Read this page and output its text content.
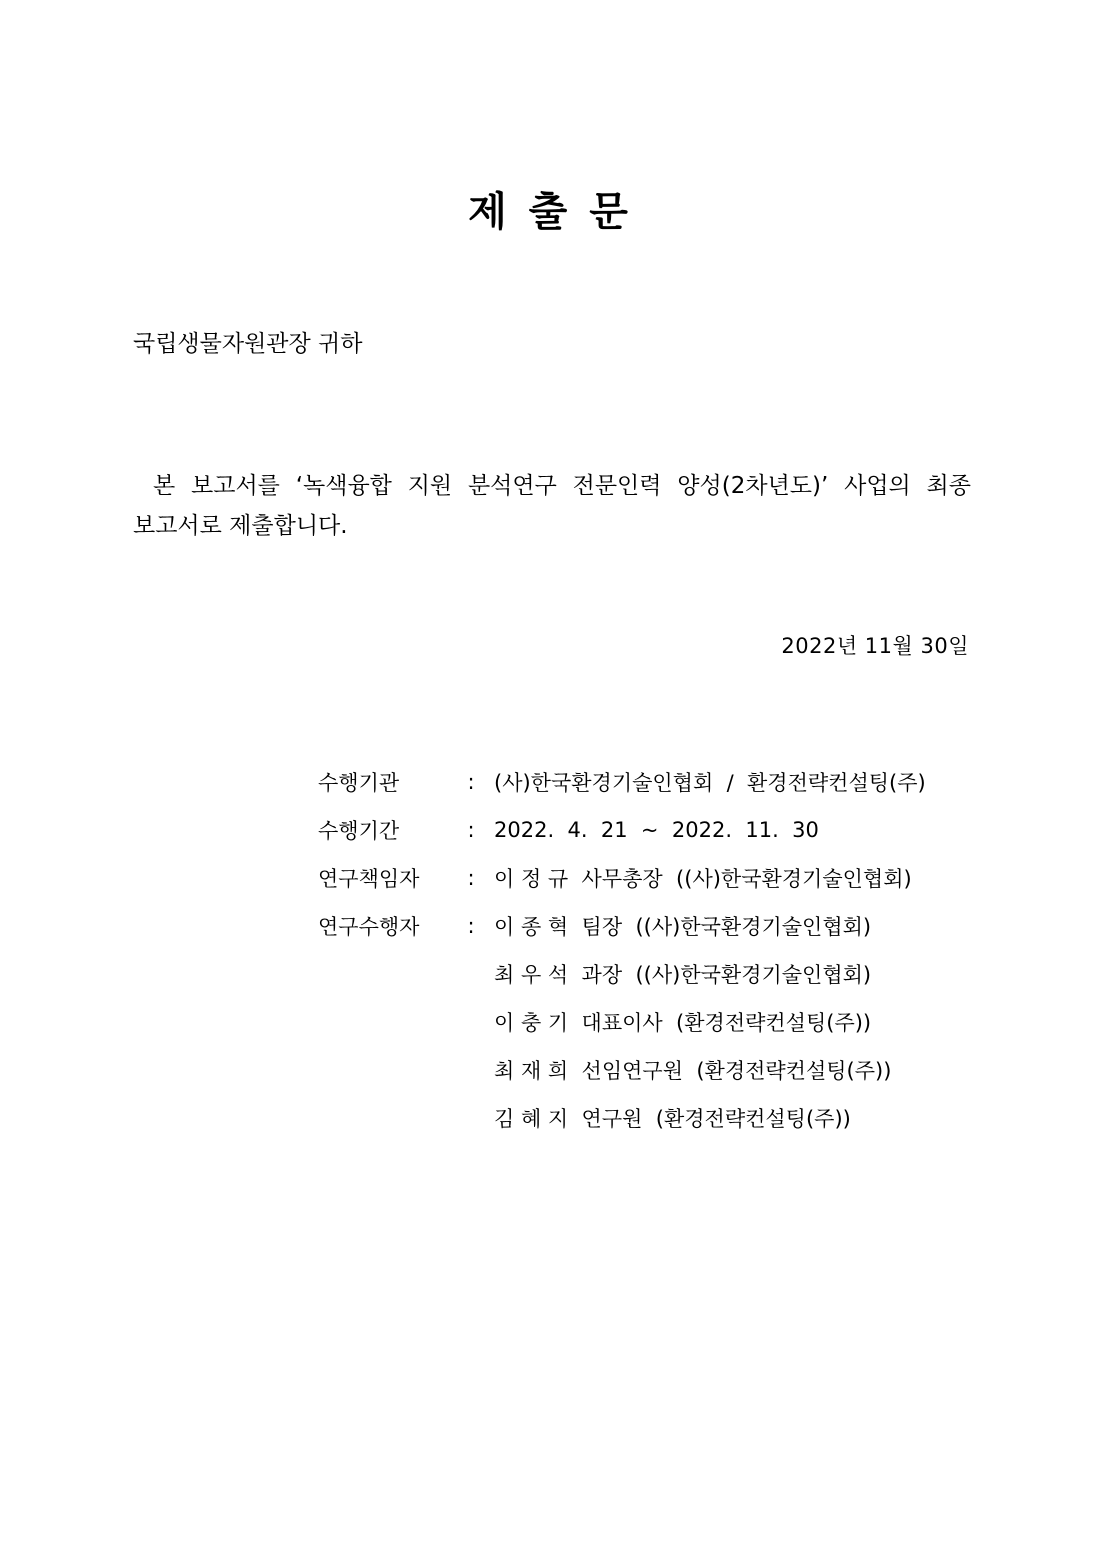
제 출 문
국립생물자원관장 귀하
본 보고서를 ‘녹색융합 지원 분석연구 전문인력 양성(2차년도)’ 사업의 최종
보고서로 제출합니다.
2022년 11월 30일
수행기관	: (사)한국환경기술인협회  /  환경전략컨설팅(주)
수행기간	: 2022.  4.  21  ~  2022.  11.  30
연구책임자	: 이 정 규  사무총장  ((사)한국환경기술인협회)
연구수행자	: 이 종 혁  팀장  ((사)한국환경기술인협회)
최 우 석  과장  ((사)한국환경기술인협회)
이 충 기  대표이사  (환경전략컨설팅(주))
최 재 희  선임연구원  (환경전략컨설팅(주))
김 혜 지  연구원  (환경전략컨설팅(주))
